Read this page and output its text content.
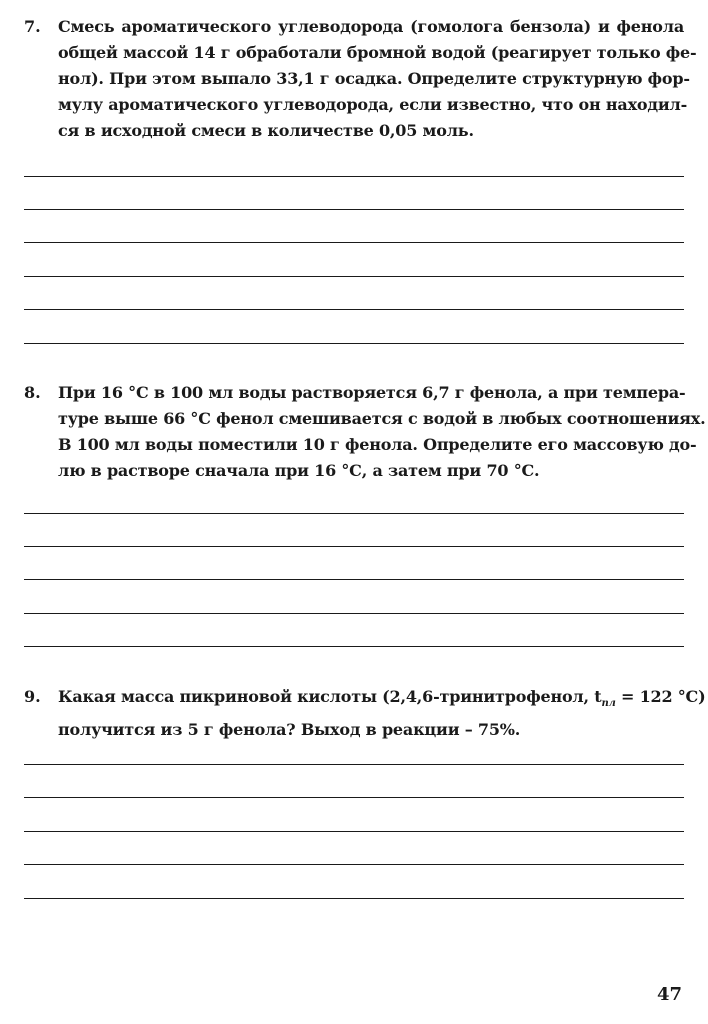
7. Смесь ароматического углеводорода (гомолога бензола) и фенола
общей массой 14 г обработали бромной водой (реагирует только фе-
нол). При этом выпало 33,1 г осадка. Определите структурную фор-
мулу ароматического углеводорода, если известно, что он находил-
ся в исходной смеси в количестве 0,05 моль.
8. При 16 °С в 100 мл воды растворяется 6,7 г фенола, а при темпера-
туре выше 66 °С фенол смешивается с водой в любых соотношениях.
В 100 мл воды поместили 10 г фенола. Определите его массовую до-
лю в растворе сначала при 16 °С, а затем при 70 °С.
9. Какая масса пикриновой кислоты (2,4,6-тринитрофенол, $t_{пл} = 122$ °С)
получится из 5 г фенола? Выход в реакции – 75%.
47
